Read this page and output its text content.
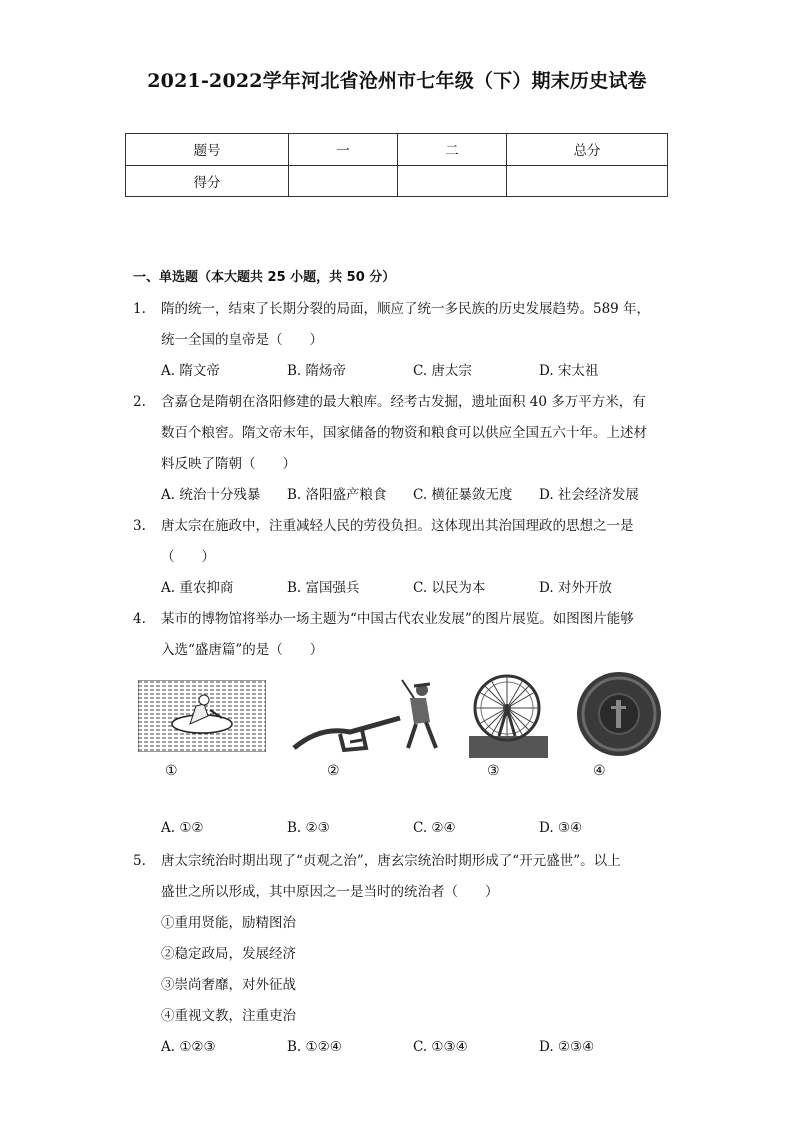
2021-2022学年河北省沧州市七年级（下）期末历史试卷
题号	一	二	总分
得分			
一、单选题（本大题共 25 小题，共 50 分）
1.	隋的统一，结束了长期分裂的局面，顺应了统一多民族的历史发展趋势。589 年，
统一全国的皇帝是（　　）
A. 隋文帝	B. 隋炀帝	C. 唐太宗	D. 宋太祖
2.	含嘉仓是隋朝在洛阳修建的最大粮库。经考古发掘，遗址面积 40 多万平方米，有
数百个粮窖。隋文帝末年，国家储备的物资和粮食可以供应全国五六十年。上述材
料反映了隋朝（　　）
A. 统治十分残暴 B. 洛阳盛产粮食 C. 横征暴敛无度 D. 社会经济发展
3.	唐太宗在施政中，注重减轻人民的劳役负担。这体现出其治国理政的思想之一是
（　　）
A. 重农抑商	B. 富国强兵	C. 以民为本	D. 对外开放
4.	某市的博物馆将举办一场主题为“中国古代农业发展”的图片展览。如图图片能够
入选“盛唐篇”的是（　　）
①	②	③	④
A. ①②	B. ②③	C. ②④	D. ③④
5.	唐太宗统治时期出现了“贞观之治”，唐玄宗统治时期形成了“开元盛世”。以上
盛世之所以形成，其中原因之一是当时的统治者（　　）
①重用贤能，励精图治
②稳定政局，发展经济
③崇尚奢靡，对外征战
④重视文教，注重吏治
A. ①②③	B. ①②④	C. ①③④	D. ②③④
